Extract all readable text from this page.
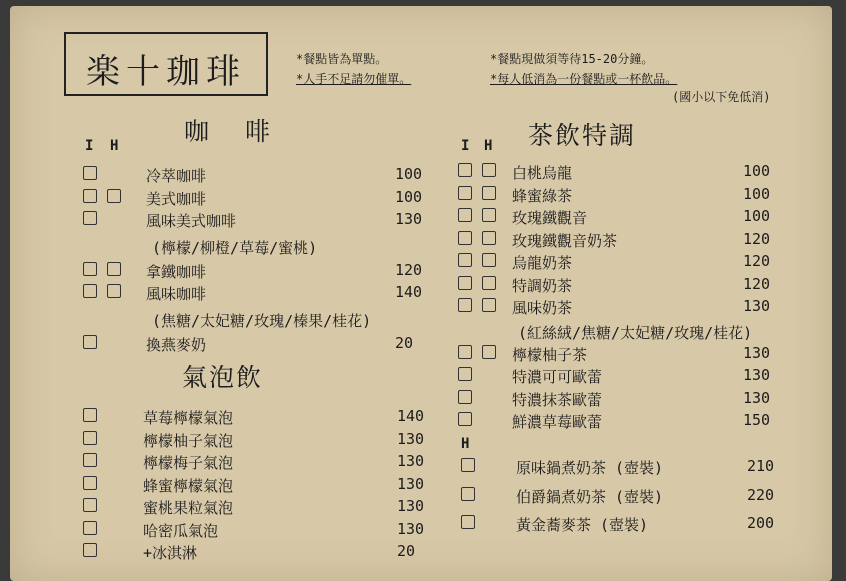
楽十珈琲	*餐點皆為單點。
*人手不足請勿催單。
*餐點現做須等待15-20分鐘。
*每人低消為一份餐點或一杯飲品。
(國小以下免低消)
咖 啡
I H
冷萃咖啡	100
美式咖啡	100
風味美式咖啡	130
(檸檬/柳橙/草莓/蜜桃)
拿鐵咖啡	120
風味咖啡	140
(焦糖/太妃糖/玫瑰/榛果/桂花)
換燕麥奶	20
氣泡飲
草莓檸檬氣泡	140
檸檬柚子氣泡	130
檸檬梅子氣泡	130
蜂蜜檸檬氣泡	130
蜜桃果粒氣泡	130
哈密瓜氣泡	130
+冰淇淋	20
茶飲特調
I H
白桃烏龍	100
蜂蜜綠茶	100
玫瑰鐵觀音	100
玫瑰鐵觀音奶茶	120
烏龍奶茶	120
特調奶茶	120
風味奶茶	130
(紅絲絨/焦糖/太妃糖/玫瑰/桂花)
檸檬柚子茶	130
特濃可可歐蕾	130
特濃抹茶歐蕾	130
鮮濃草莓歐蕾	150
H
原味鍋煮奶茶 (壺裝)	210
伯爵鍋煮奶茶 (壺裝)	220
黃金蕎麥茶 (壺裝)	200
